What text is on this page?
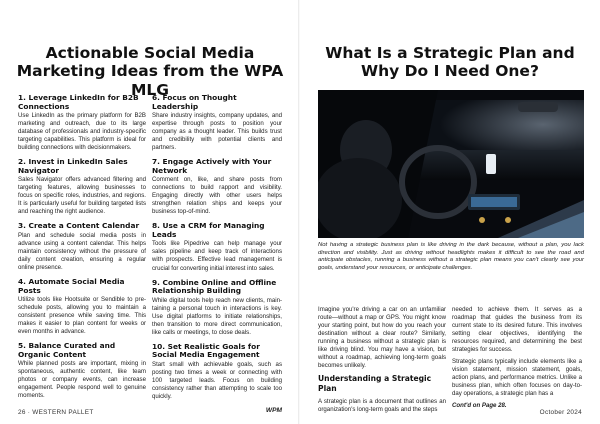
Actionable Social Media Marketing Ideas from the WPA MLG
1. Leverage LinkedIn for B2B Connections

Use LinkedIn as the primary platform for B2B marketing and outreach, due to its large database of professionals and industry-specific targeting capabilities. This platform is ideal for building connections with decisionmakers.

2. Invest in LinkedIn Sales Navigator

Sales Navigator offers advanced filtering and targeting features, allowing businesses to focus on specific roles, industries, and regions. It is particularly useful for building targeted lists and reaching the right audience.

3. Create a Content Calendar

Plan and schedule social media posts in advance using a content calendar. This helps maintain consistency without the pressure of daily content creation, ensuring a regular online presence.

4. Automate Social Media Posts

Utilize tools like Hootsuite or Sendible to pre-schedule posts, allowing you to maintain a consistent presence while saving time. This makes it easier to plan content for weeks or even months in advance.

5. Balance Curated and Organic Content

While planned posts are important, mixing in spontaneous, authentic content, like team photos or company events, can increase engagement. People respond well to genuine moments.

6. Focus on Thought Leadership

Share industry insights, company updates, and expertise through posts to position your company as a thought leader. This builds trust and credibility with potential clients and partners.

7. Engage Actively with Your Network

Comment on, like, and share posts from connections to build rapport and visibility. Engaging directly with other users helps strengthen relation ships and keeps your business top-of-mind.

8. Use a CRM for Managing Leads

Tools like Pipedrive can help manage your sales pipeline and keep track of interactions with prospects. Effective lead management is crucial for converting initial interest into sales.

9. Combine Online and Offline Relationship Building

While digital tools help reach new clients, main- taining a personal touch in interactions is key. Use digital platforms to initiate relationships, then transition to more direct communication, like calls or meetings, to close deals.

10. Set Realistic Goals for Social Media Engagement

Start small with achievable goals, such as posting two times a week or connecting with 100 targeted leads. Focus on building consistency rather than attempting to scale too quickly.

WPM
26 · WESTERN PALLET
What Is a Strategic Plan and Why Do I Need One?

Not having a strategic business plan is like driving in the dark because, without a plan, you lack direction and visibility. Just as driving without headlights makes it difficult to see the road and anticipate obstacles, running a business without a strategic plan means you can't clearly see your goals, understand your resources, or anticipate challenges.

Imagine you're driving a car on an unfamiliar route—without a map or GPS. You might know your starting point, but how do you reach your destination without a clear route? Similarly, running a business without a strategic plan is like driving blind. You may have a vision, but without a roadmap, achieving long-term goals becomes unlikely.

Understanding a Strategic Plan

A strategic plan is a document that outlines an organization's long-term goals and the steps

needed to achieve them. It serves as a roadmap that guides the business from its current state to its desired future. This involves setting clear objectives, identifying the resources required, and determining the best strategies for success.

Strategic plans typically include elements like a vision statement, mission statement, goals, action plans, and performance metrics. Unlike a business plan, which often focuses on day-to-day operations, a strategic plan has a

Cont'd on Page 28.

October 2024
